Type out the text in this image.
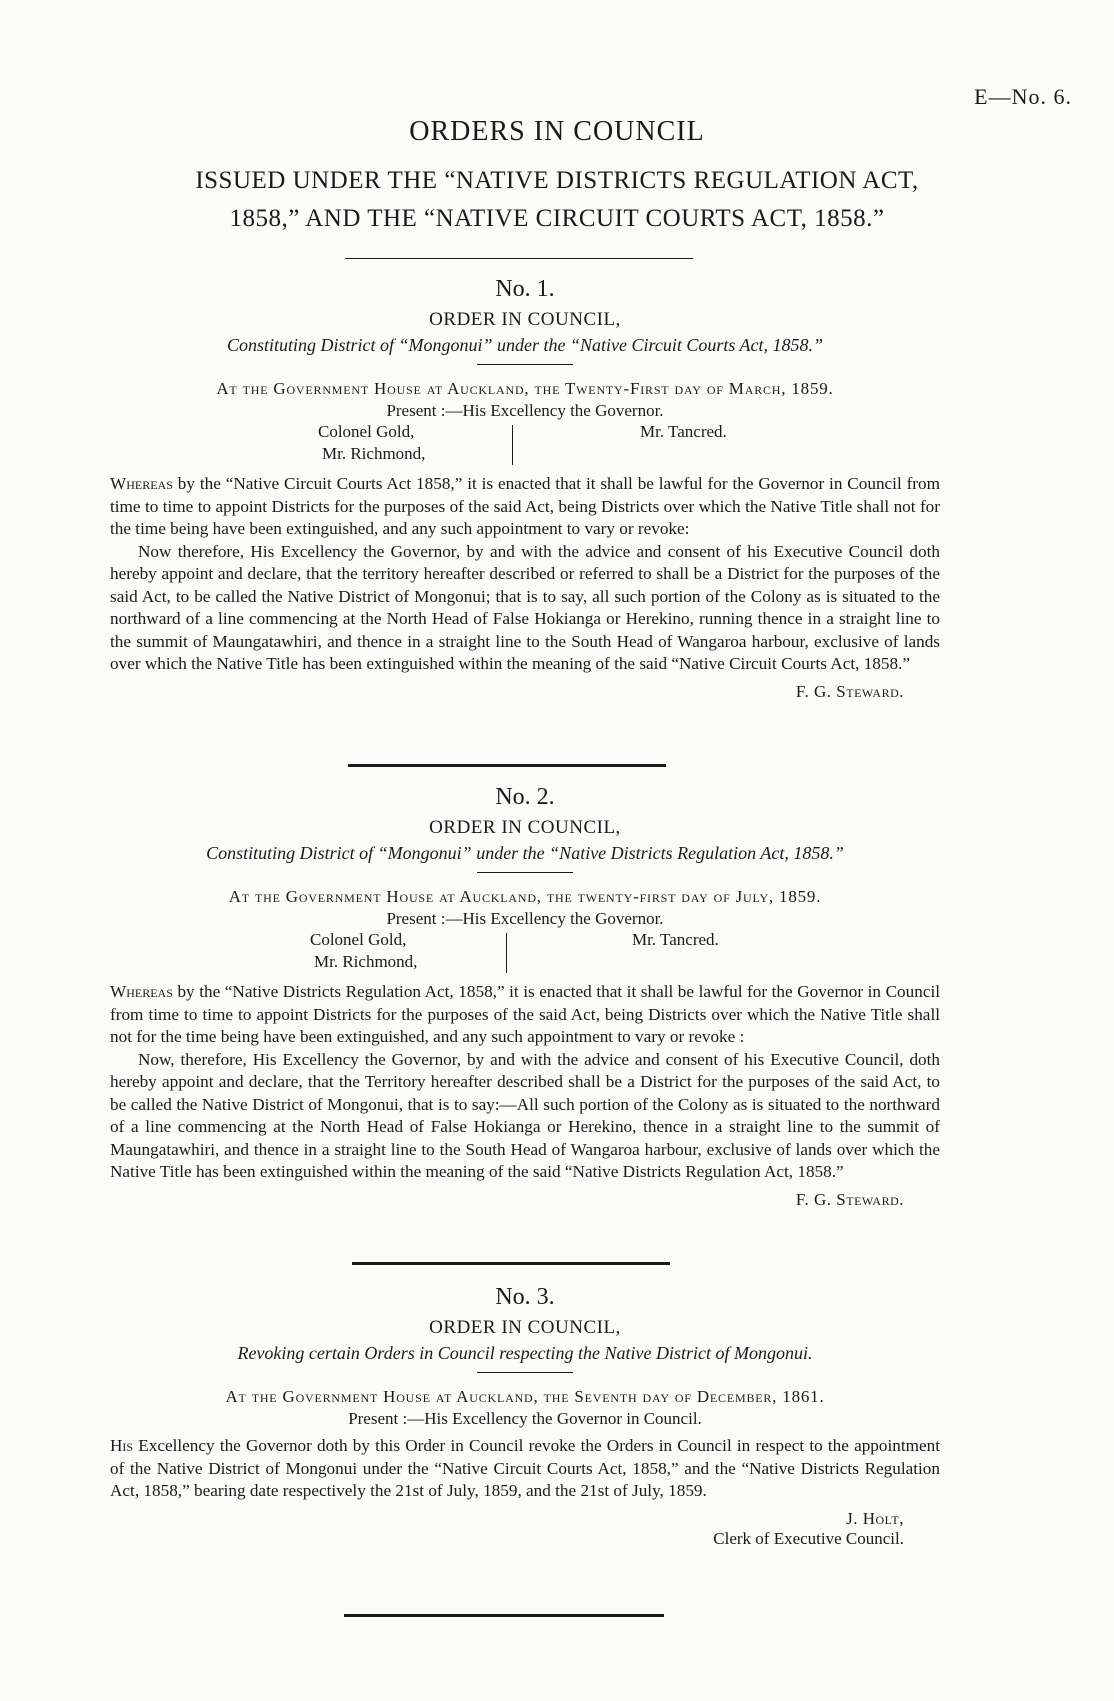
E—No. 6.
ORDERS IN COUNCIL
ISSUED UNDER THE “NATIVE DISTRICTS REGULATION ACT,
1858,” AND THE “NATIVE CIRCUIT COURTS ACT, 1858.”

No. 1.

ORDER IN COUNCIL,

Constituting District of “Mongonui” under the “Native Circuit Courts Act, 1858.”

At the Government House at Auckland, the Twenty-First day of March, 1859.

Present :—His Excellency the Governor.

Colonel Gold,
Mr. Richmond,
Mr. Tancred.

Whereas by the “Native Circuit Courts Act 1858,” it is enacted that it shall be lawful for the Governor in Council from time to time to appoint Districts for the purposes of the said Act, being Districts over which the Native Title shall not for the time being have been extinguished, and any such appointment to vary or revoke:

Now therefore, His Excellency the Governor, by and with the advice and consent of his Executive Council doth hereby appoint and declare, that the territory hereafter described or referred to shall be a District for the purposes of the said Act, to be called the Native District of Mongonui; that is to say, all such portion of the Colony as is situated to the northward of a line commencing at the North Head of False Hokianga or Herekino, running thence in a straight line to the summit of Maungatawhiri, and thence in a straight line to the South Head of Wangaroa harbour, exclusive of lands over which the Native Title has been extinguished within the meaning of the said “Native Circuit Courts Act, 1858.”

F. G. Steward.

No. 2.

ORDER IN COUNCIL,

Constituting District of “Mongonui” under the “Native Districts Regulation Act, 1858.”

At the Government House at Auckland, the twenty-first day of July, 1859.

Present :—His Excellency the Governor.

Colonel Gold,
Mr. Richmond,
Mr. Tancred.

Whereas by the “Native Districts Regulation Act, 1858,” it is enacted that it shall be lawful for the Governor in Council from time to time to appoint Districts for the purposes of the said Act, being Districts over which the Native Title shall not for the time being have been extinguished, and any such appointment to vary or revoke :

Now, therefore, His Excellency the Governor, by and with the advice and consent of his Executive Council, doth hereby appoint and declare, that the Territory hereafter described shall be a District for the purposes of the said Act, to be called the Native District of Mongonui, that is to say:—All such portion of the Colony as is situated to the northward of a line commencing at the North Head of False Hokianga or Herekino, thence in a straight line to the summit of Maungatawhiri, and thence in a straight line to the South Head of Wangaroa harbour, exclusive of lands over which the Native Title has been extinguished within the meaning of the said “Native Districts Regulation Act, 1858.”

F. G. Steward.

No. 3.

ORDER IN COUNCIL,

Revoking certain Orders in Council respecting the Native District of Mongonui.

At the Government House at Auckland, the Seventh day of December, 1861.

Present :—His Excellency the Governor in Council.

His Excellency the Governor doth by this Order in Council revoke the Orders in Council in respect to the appointment of the Native District of Mongonui under the “Native Circuit Courts Act, 1858,” and the “Native Districts Regulation Act, 1858,” bearing date respectively the 21st of July, 1859, and the 21st of July, 1859.

J. Holt,

Clerk of Executive Council.
